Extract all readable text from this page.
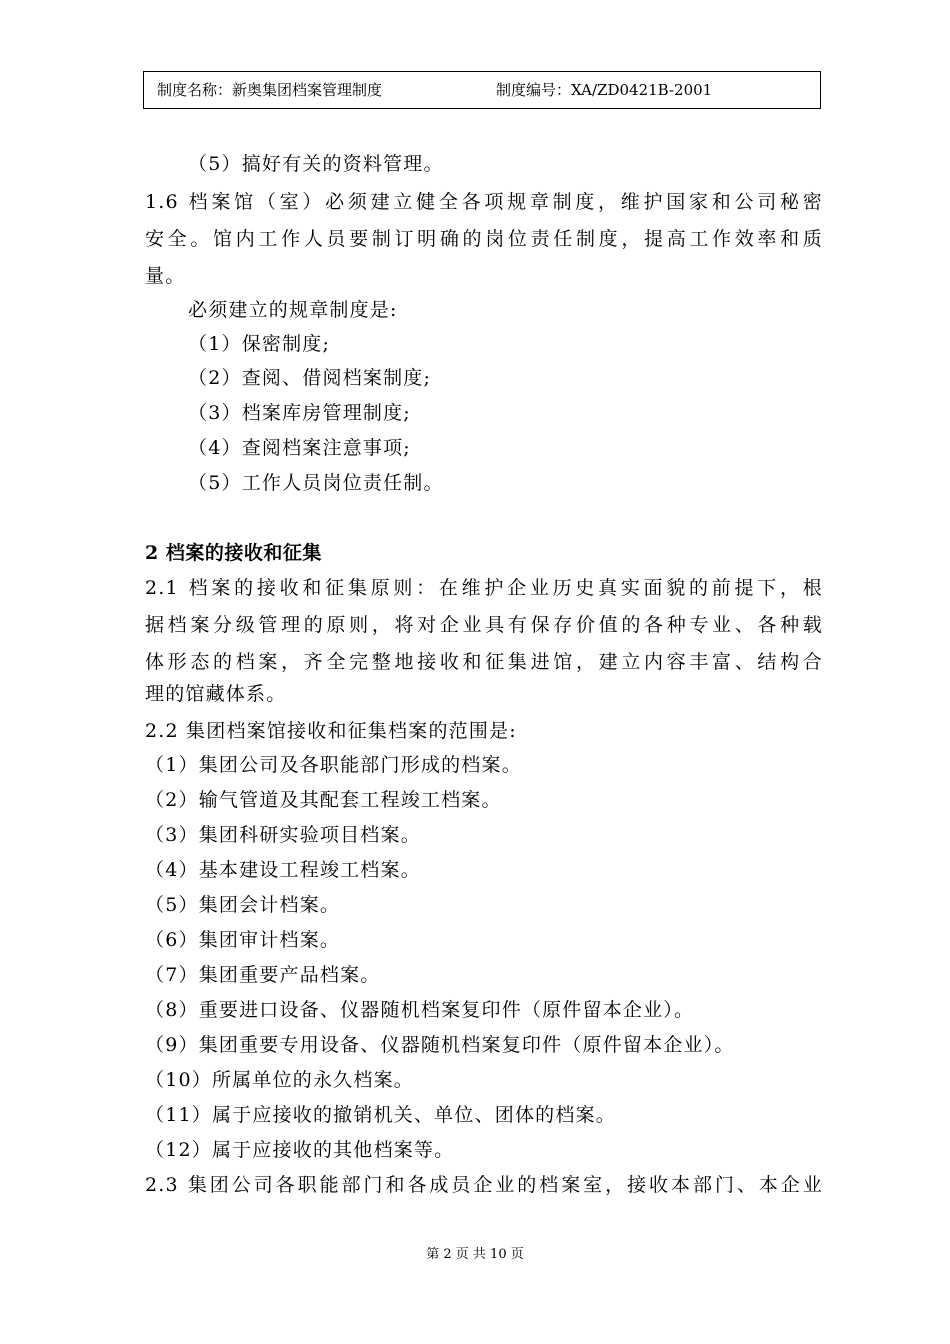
制度名称：新奥集团档案管理制度	制度编号：XA/ZD0421B-2001
（5）搞好有关的资料管理。
1.6 档案馆（室）必须建立健全各项规章制度，维护国家和公司秘密
安全。馆内工作人员要制订明确的岗位责任制度，提高工作效率和质
量。
必须建立的规章制度是:
（1）保密制度;
（2）查阅、借阅档案制度;
（3）档案库房管理制度;
（4）查阅档案注意事项;
（5）工作人员岗位责任制。
2 档案的接收和征集
2.1 档案的接收和征集原则：在维护企业历史真实面貌的前提下，根
据档案分级管理的原则，将对企业具有保存价值的各种专业、各种载
体形态的档案，齐全完整地接收和征集进馆，建立内容丰富、结构合
理的馆藏体系。
2.2 集团档案馆接收和征集档案的范围是:
（1）集团公司及各职能部门形成的档案。
（2）输气管道及其配套工程竣工档案。
（3）集团科研实验项目档案。
（4）基本建设工程竣工档案。
（5）集团会计档案。
（6）集团审计档案。
（7）集团重要产品档案。
（8）重要进口设备、仪器随机档案复印件（原件留本企业）。
（9）集团重要专用设备、仪器随机档案复印件（原件留本企业）。
（10）所属单位的永久档案。
（11）属于应接收的撤销机关、单位、团体的档案。
（12）属于应接收的其他档案等。
2.3 集团公司各职能部门和各成员企业的档案室，接收本部门、本企业
第 2 页 共 10 页
